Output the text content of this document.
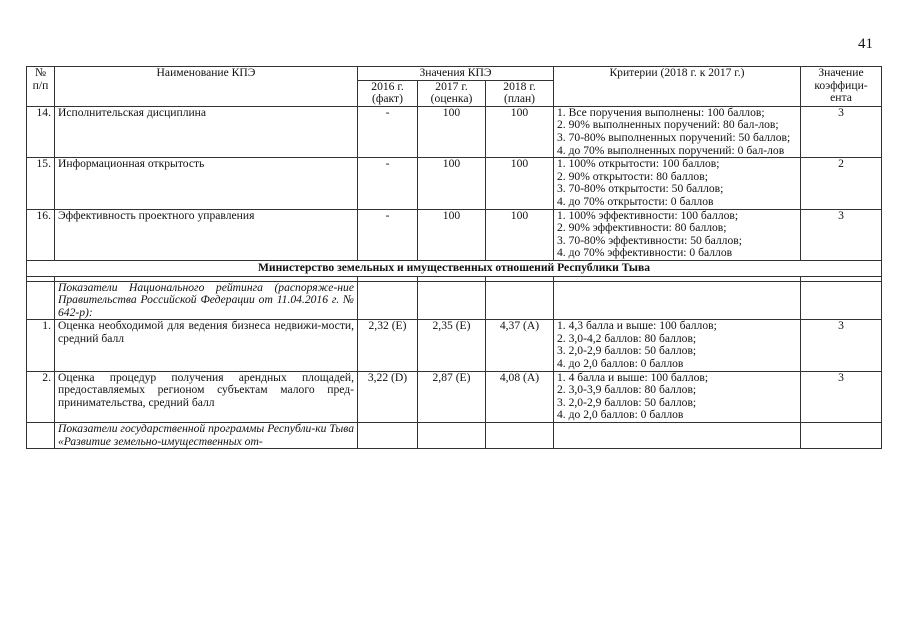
41
№ п/п	Наименование КПЭ	Значения КПЭ			Критерии (2018 г. к 2017 г.)	Значение коэффици-ента
		2016 г. (факт)	2017 г. (оценка)	2018 г. (план)		
14.	Исполнительская дисциплина	-	100	100	1. Все поручения выполнены: 100 баллов;
2. 90% выполненных поручений: 80 бал-лов;
3. 70-80% выполненных поручений: 50 баллов;
4. до 70% выполненных поручений: 0 бал-лов	3
15.	Информационная открытость	-	100	100	1. 100% открытости: 100 баллов;
2. 90% открытости: 80 баллов;
3. 70-80% открытости: 50 баллов;
4. до 70% открытости: 0 баллов	2
16.	Эффективность проектного управления	-	100	100	1. 100% эффективности: 100 баллов;
2. 90% эффективности: 80 баллов;
3. 70-80% эффективности: 50 баллов;
4. до 70% эффективности: 0 баллов	3
Министерство земельных и имущественных отношений Республики Тыва						

	Показатели Национального рейтинга (распоряже-ние Правительства Российской Федерации от 11.04.2016 г. № 642-р):					
1.	Оценка необходимой для ведения бизнеса недвижи-мости, средний балл	2,32 (Е)	2,35 (Е)	4,37 (А)	1. 4,3 балла и выше: 100 баллов;
2. 3,0-4,2 баллов: 80 баллов;
3. 2,0-2,9 баллов: 50 баллов;
4. до 2,0 баллов: 0 баллов	3
2.	Оценка процедур получения арендных площадей, предоставляемых регионом субъектам малого пред-принимательства, средний балл	3,22 (D)	2,87 (Е)	4,08 (А)	1. 4 балла и выше: 100 баллов;
2. 3,0-3,9 баллов: 80 баллов;
3. 2,0-2,9 баллов: 50 баллов;
4. до 2,0 баллов: 0 баллов	3
	Показатели государственной программы Республи-ки Тыва «Развитие земельно-имущественных от-					
